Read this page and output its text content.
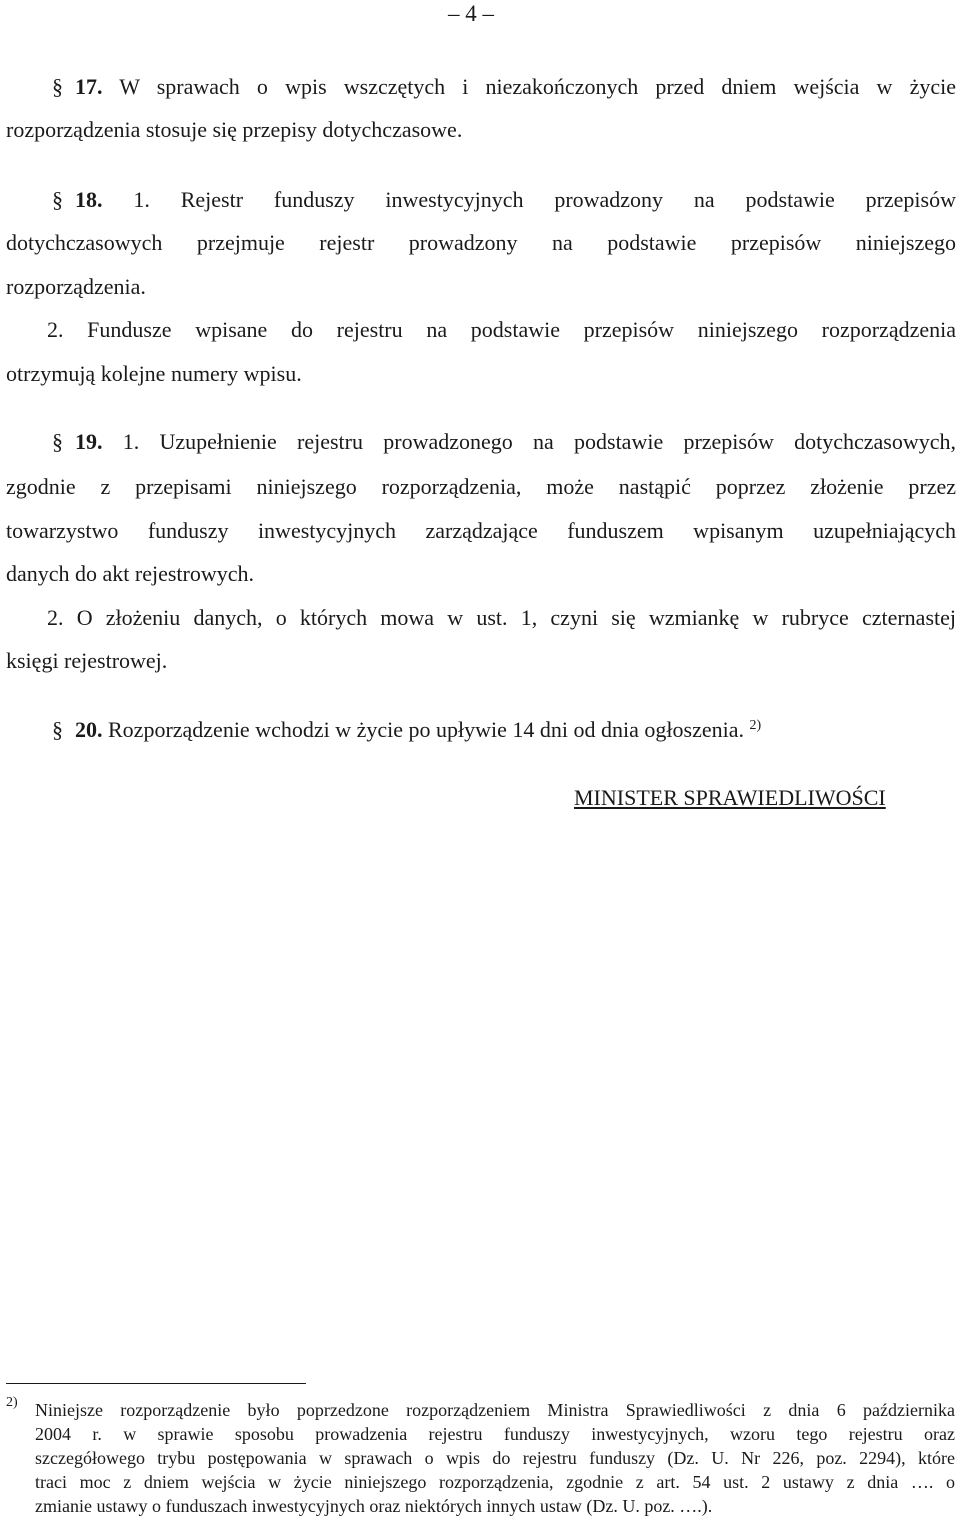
– 4 –
§ 17. W sprawach o wpis wszczętych i niezakończonych przed dniem wejścia w życie
rozporządzenia stosuje się przepisy dotychczasowe.
§ 18. 1. Rejestr funduszy inwestycyjnych prowadzony na podstawie przepisów
dotychczasowych przejmuje rejestr prowadzony na podstawie przepisów niniejszego
rozporządzenia.
2. Fundusze wpisane do rejestru na podstawie przepisów niniejszego rozporządzenia
otrzymują kolejne numery wpisu.
§ 19. 1. Uzupełnienie rejestru prowadzonego na podstawie przepisów dotychczasowych,
zgodnie z przepisami niniejszego rozporządzenia, może nastąpić poprzez złożenie przez
towarzystwo funduszy inwestycyjnych zarządzające funduszem wpisanym uzupełniających
danych do akt rejestrowych.
2. O złożeniu danych, o których mowa w ust. 1, czyni się wzmiankę w rubryce czternastej
księgi rejestrowej.
§ 20. Rozporządzenie wchodzi w życie po upływie 14 dni od dnia ogłoszenia. $^{2)}$
MINISTER SPRAWIEDLIWOŚCI
2) Niniejsze rozporządzenie było poprzedzone rozporządzeniem Ministra Sprawiedliwości z dnia 6 października
2004 r. w sprawie sposobu prowadzenia rejestru funduszy inwestycyjnych, wzoru tego rejestru oraz
szczegółowego trybu postępowania w sprawach o wpis do rejestru funduszy (Dz. U. Nr 226, poz. 2294), które
traci moc z dniem wejścia w życie niniejszego rozporządzenia, zgodnie z art. 54 ust. 2 ustawy z dnia …. o
zmianie ustawy o funduszach inwestycyjnych oraz niektórych innych ustaw (Dz. U. poz. ….).
